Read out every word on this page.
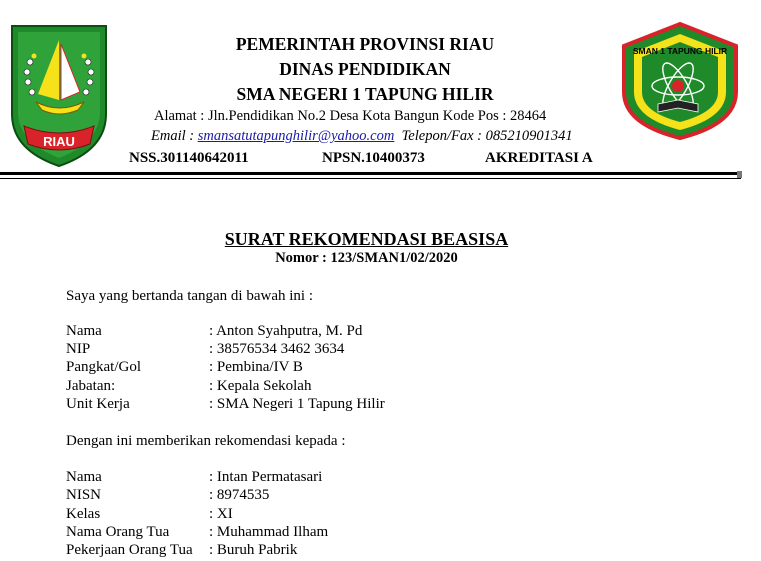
RIAU
SMAN 1 TAPUNG HILIR
PEMERINTAH PROVINSI RIAU
DINAS PENDIDIKAN
SMA NEGERI 1 TAPUNG HILIR
Alamat : Jln.Pendidikan No.2 Desa Kota Bangun Kode Pos : 28464
Email : smansatutapunghilir@yahoo.com Telepon/Fax : 085210901341
NSS.301140642011	NPSN.10400373	AKREDITASI A
SURAT REKOMENDASI BEASISA
Nomor : 123/SMAN1/02/2020
Saya yang bertanda tangan di bawah ini :
Nama	: Anton Syahputra, M. Pd
NIP	: 38576534 3462 3634
Pangkat/Gol	: Pembina/IV B
Jabatan:	: Kepala Sekolah
Unit Kerja	: SMA Negeri 1 Tapung Hilir
Dengan ini memberikan rekomendasi kepada :
Nama	: Intan Permatasari
NISN	: 8974535
Kelas	: XI
Nama Orang Tua	: Muhammad Ilham
Pekerjaan Orang Tua : Buruh Pabrik
